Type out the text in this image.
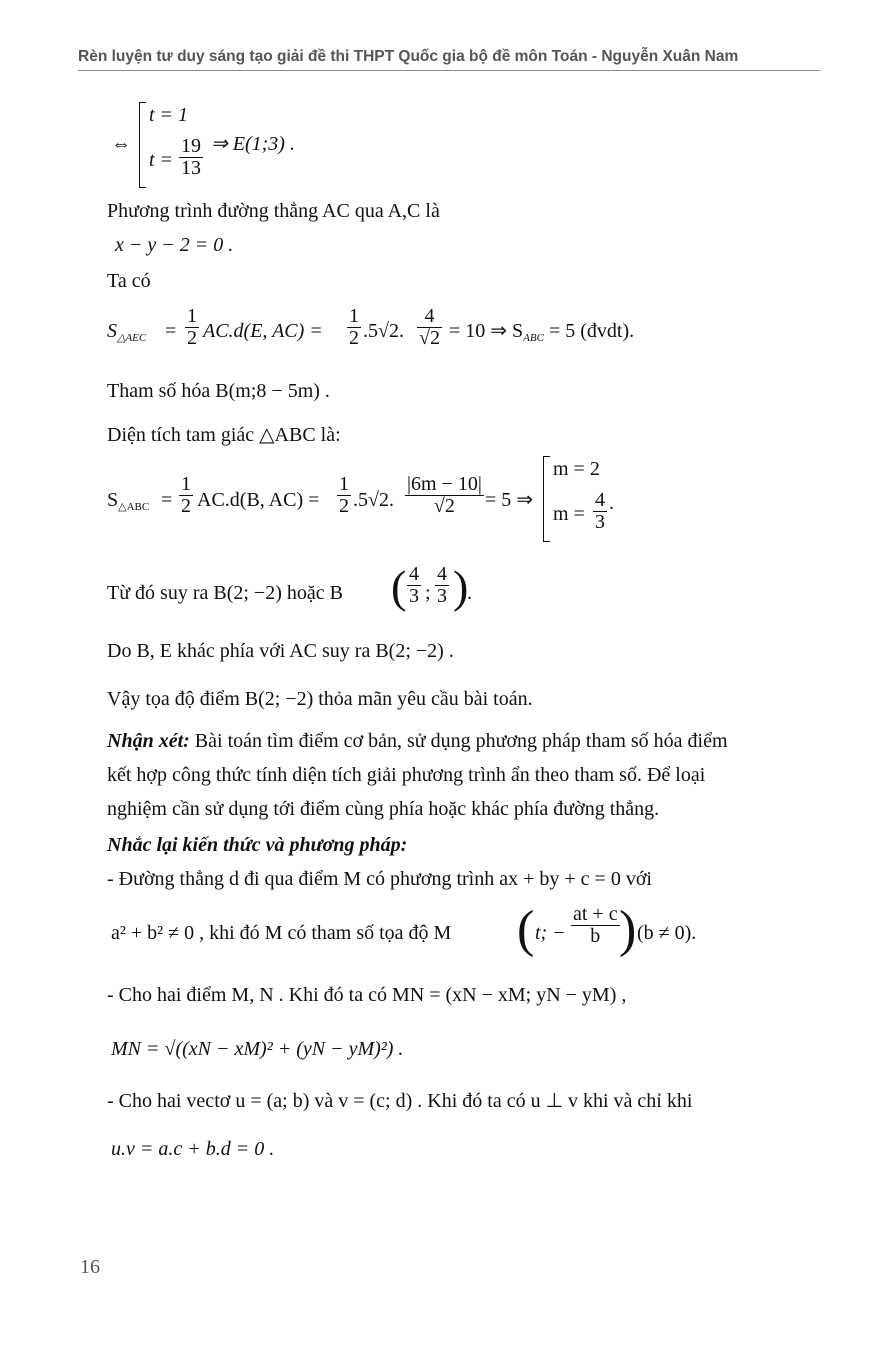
Rèn luyện tư duy sáng tạo giải đề thi THPT Quốc gia bộ đề môn Toán - Nguyễn Xuân Nam
⇔
t = 1
$t = \frac{19}{13}$ ⇒ E(1;3) .
Phương trình đường thẳng AC qua A,C là
x − y − 2 = 0 .
Ta có
$S_{\triangle AEC} = \frac{1}{2} AC.d(E$, $AC) = \frac{1}{2} .5√2$. $\frac{4}{√2} = 10$ ⇒ $S_{ABC} = 5$ (đvdt).
Tham số hóa B(m;8 − 5m) .
Diện tích tam giác △ABC là:
$S_{\triangle ABC} = \frac{1}{2} AC.d(B$, $AC) = \frac{1}{2} .5√2$. $\frac{|6m - 10|}{√2} = 5$ ⇒
m = 2
$m = \frac{4}{3}$ .
Từ đó suy ra B(2; −2) hoặc B ( $\frac{4}{3}$ ; $\frac{4}{3}$ )
.
Do B, E khác phía với AC suy ra B(2; −2) .
Vậy tọa độ điểm B(2; −2) thỏa mãn yêu cầu bài toán.
Nhận xét: Bài toán tìm điểm cơ bản, sử dụng phương pháp tham số hóa điểm
kết hợp công thức tính diện tích giải phương trình ẩn theo tham số. Để loại
nghiệm cần sử dụng tới điểm cùng phía hoặc khác phía đường thẳng.
Nhắc lại kiến thức và phương pháp:
- Đường thẳng d đi qua điểm M có phương trình ax + by + c = 0 với
a² + b² ≠ 0 , khi đó M có tham số tọa độ M ( t; − $\frac{at + c}{b}$ ) (b ≠ 0).
- Cho hai điểm M, N . Khi đó ta có MN = (xN − xM; yN − yM) ,
MN = √((xN − xM)² + (yN − yM)²) .
- Cho hai vectơ u = (a; b) và v = (c; d) . Khi đó ta có u ⊥ v khi và chỉ khi
u.v = a.c + b.d = 0 .
16
